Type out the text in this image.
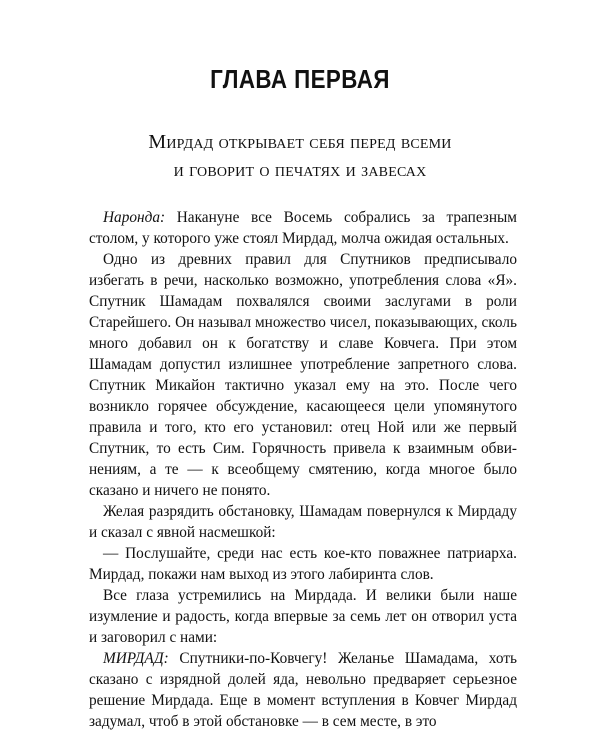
ГЛАВА ПЕРВАЯ
Мирдад открывает себя перед всеми
и говорит о печатях и завесах

Наронда: Накануне все Восемь собрались за трапезным столом, у которого уже стоял Мирдад, молча ожидая остальных.

Одно из древних правил для Спутников предписывало избегать в речи, насколько возможно, употребления слова «Я». Спутник Шамадам похвалялся своими заслугами в роли Старейшего. Он называл множество чисел, показывающих, сколь много добавил он к богатству и славе Ковчега. При этом Шамадам допустил излишнее употребление запретного слова. Спутник Микайон тактично указал ему на это. После чего возникло горячее обсуждение, касающееся цели упомянутого правила и того, кто его установил: отец Ной или же первый Спутник, то есть Сим. Горячность привела к взаимным обвинениям, а те — к всеобщему смятению, когда многое было сказано и ничего не понято.

Желая разрядить обстановку, Шамадам повернулся к Мирдаду и сказал с явной насмешкой:

— Послушайте, среди нас есть кое-кто поважнее патриарха. Мирдад, покажи нам выход из этого лабиринта слов.

Все глаза устремились на Мирдада. И велики были наше изумление и радость, когда впервые за семь лет он отворил уста и заговорил с нами:

МИРДАД: Спутники-по-Ковчегу! Желанье Шамадама, хоть сказано с изрядной долей яда, невольно предваряет серьезное решение Мирдада. Еще в момент вступления в Ковчег Мирдад задумал, чтоб в этой обстановке — в сем месте, в это
